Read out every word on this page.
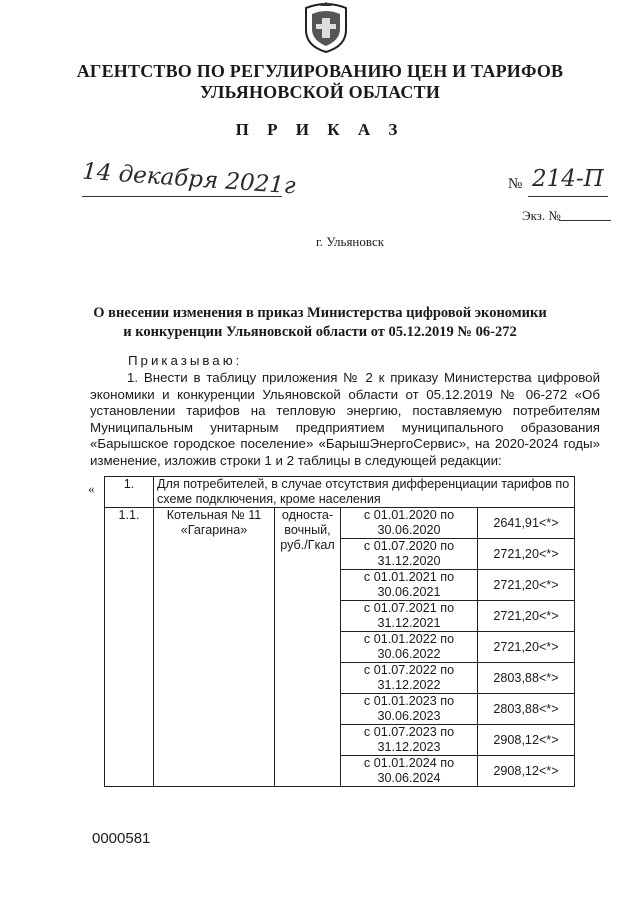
АГЕНТСТВО ПО РЕГУЛИРОВАНИЮ ЦЕН И ТАРИФОВ
УЛЬЯНОВСКОЙ ОБЛАСТИ
П Р И К А З
14 декабря 2021г	№ 214-П
Экз. №
г. Ульяновск
О внесении изменения в приказ Министерства цифровой экономики
и конкуренции Ульяновской области от 05.12.2019 № 06-272
Приказываю:
1. Внести в таблицу приложения № 2 к приказу Министерства цифровой экономики и конкуренции Ульяновской области от 05.12.2019 № 06-272 «Об установлении тарифов на тепловую энергию, поставляемую потребителям Муниципальным унитарным предприятием муниципального образования «Барышское городское поселение» «БарышЭнергоСервис», на 2020-2024 годы» изменение, изложив строки 1 и 2 таблицы в следующей редакции:
« 1.	Для потребителей, в случае отсутствия дифференциации тарифов по схеме подключения, кроме населения			
1.1.	Котельная № 11 «Гагарина»	односта-вочный, руб./Гкал	с 01.01.2020 по 30.06.2020	2641,91<*>
			с 01.07.2020 по 31.12.2020	2721,20<*>
			с 01.01.2021 по 30.06.2021	2721,20<*>
			с 01.07.2021 по 31.12.2021	2721,20<*>
			с 01.01.2022 по 30.06.2022	2721,20<*>
			с 01.07.2022 по 31.12.2022	2803,88<*>
			с 01.01.2023 по 30.06.2023	2803,88<*>
			с 01.07.2023 по 31.12.2023	2908,12<*>
			с 01.01.2024 по 30.06.2024	2908,12<*>
0000581
